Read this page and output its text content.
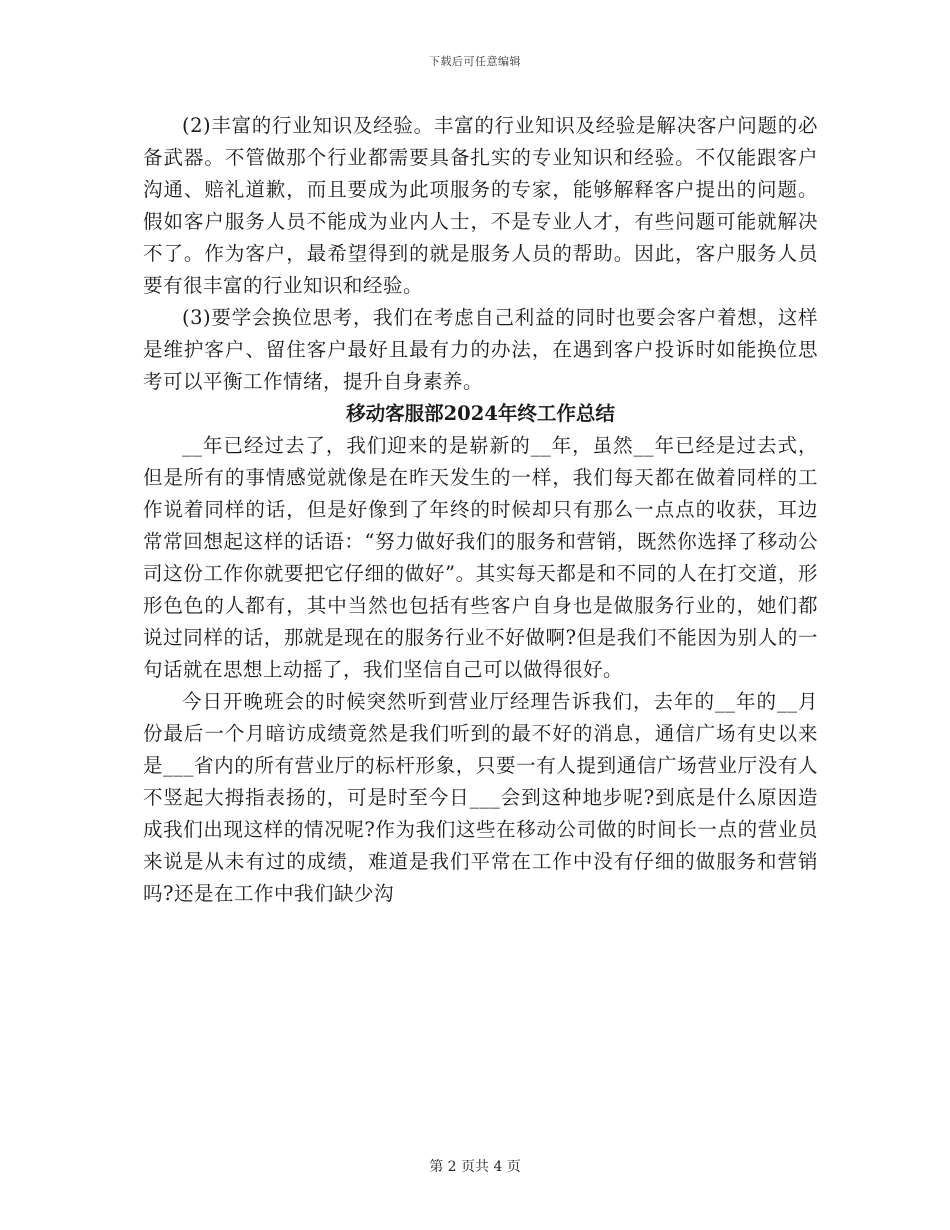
下载后可任意编辑

(2)丰富的行业知识及经验。丰富的行业知识及经验是解决客户问题的必备武器。不管做那个行业都需要具备扎实的专业知识和经验。不仅能跟客户沟通、赔礼道歉，而且要成为此项服务的专家，能够解释客户提出的问题。假如客户服务人员不能成为业内人士，不是专业人才，有些问题可能就解决不了。作为客户，最希望得到的就是服务人员的帮助。因此，客户服务人员要有很丰富的行业知识和经验。

(3)要学会换位思考，我们在考虑自己利益的同时也要会客户着想，这样是维护客户、留住客户最好且最有力的办法，在遇到客户投诉时如能换位思考可以平衡工作情绪，提升自身素养。

移动客服部2024年终工作总结

__年已经过去了，我们迎来的是崭新的__年，虽然__年已经是过去式，但是所有的事情感觉就像是在昨天发生的一样，我们每天都在做着同样的工作说着同样的话，但是好像到了年终的时候却只有那么一点点的收获，耳边常常回想起这样的话语：“努力做好我们的服务和营销，既然你选择了移动公司这份工作你就要把它仔细的做好”。其实每天都是和不同的人在打交道，形形色色的人都有，其中当然也包括有些客户自身也是做服务行业的，她们都说过同样的话，那就是现在的服务行业不好做啊?但是我们不能因为别人的一句话就在思想上动摇了，我们坚信自己可以做得很好。

今日开晚班会的时候突然听到营业厅经理告诉我们，去年的__年的__月份最后一个月暗访成绩竟然是我们听到的最不好的消息，通信广场有史以来是___省内的所有营业厅的标杆形象，只要一有人提到通信广场营业厅没有人不竖起大拇指表扬的，可是时至今日___会到这种地步呢?到底是什么原因造成我们出现这样的情况呢?作为我们这些在移动公司做的时间长一点的营业员来说是从未有过的成绩，难道是我们平常在工作中没有仔细的做服务和营销吗?还是在工作中我们缺少沟

第 2 页共 4 页
